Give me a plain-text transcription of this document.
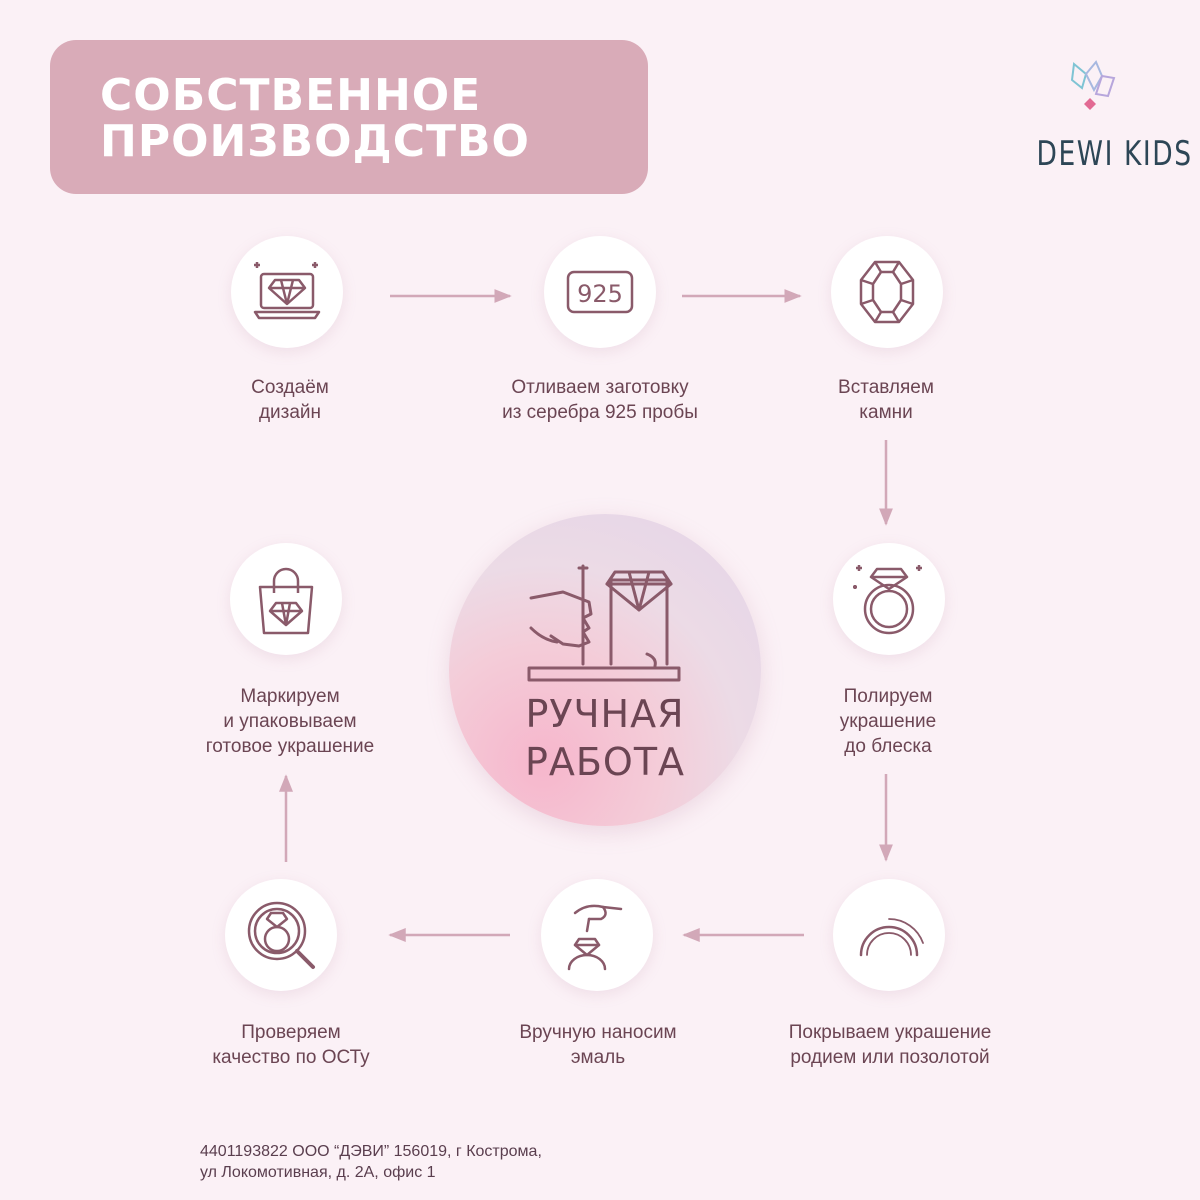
СОБСТВЕННОЕ
ПРОИЗВОДСТВО	DEWI KIDS
Создаём
дизайн
925
Отливаем заготовку
из серебра 925 пробы
Вставляем
камни
Полируем
украшение
до блеска
Покрываем украшение
родием или позолотой
Вручную наносим
эмаль
Проверяем
качество по ОСТу
Маркируем
и упаковываем
готовое украшение
РУЧНАЯ
РАБОТА
4401193822 ООО “ДЭВИ” 156019, г Кострома,
ул Локомотивная, д. 2А, офис 1
